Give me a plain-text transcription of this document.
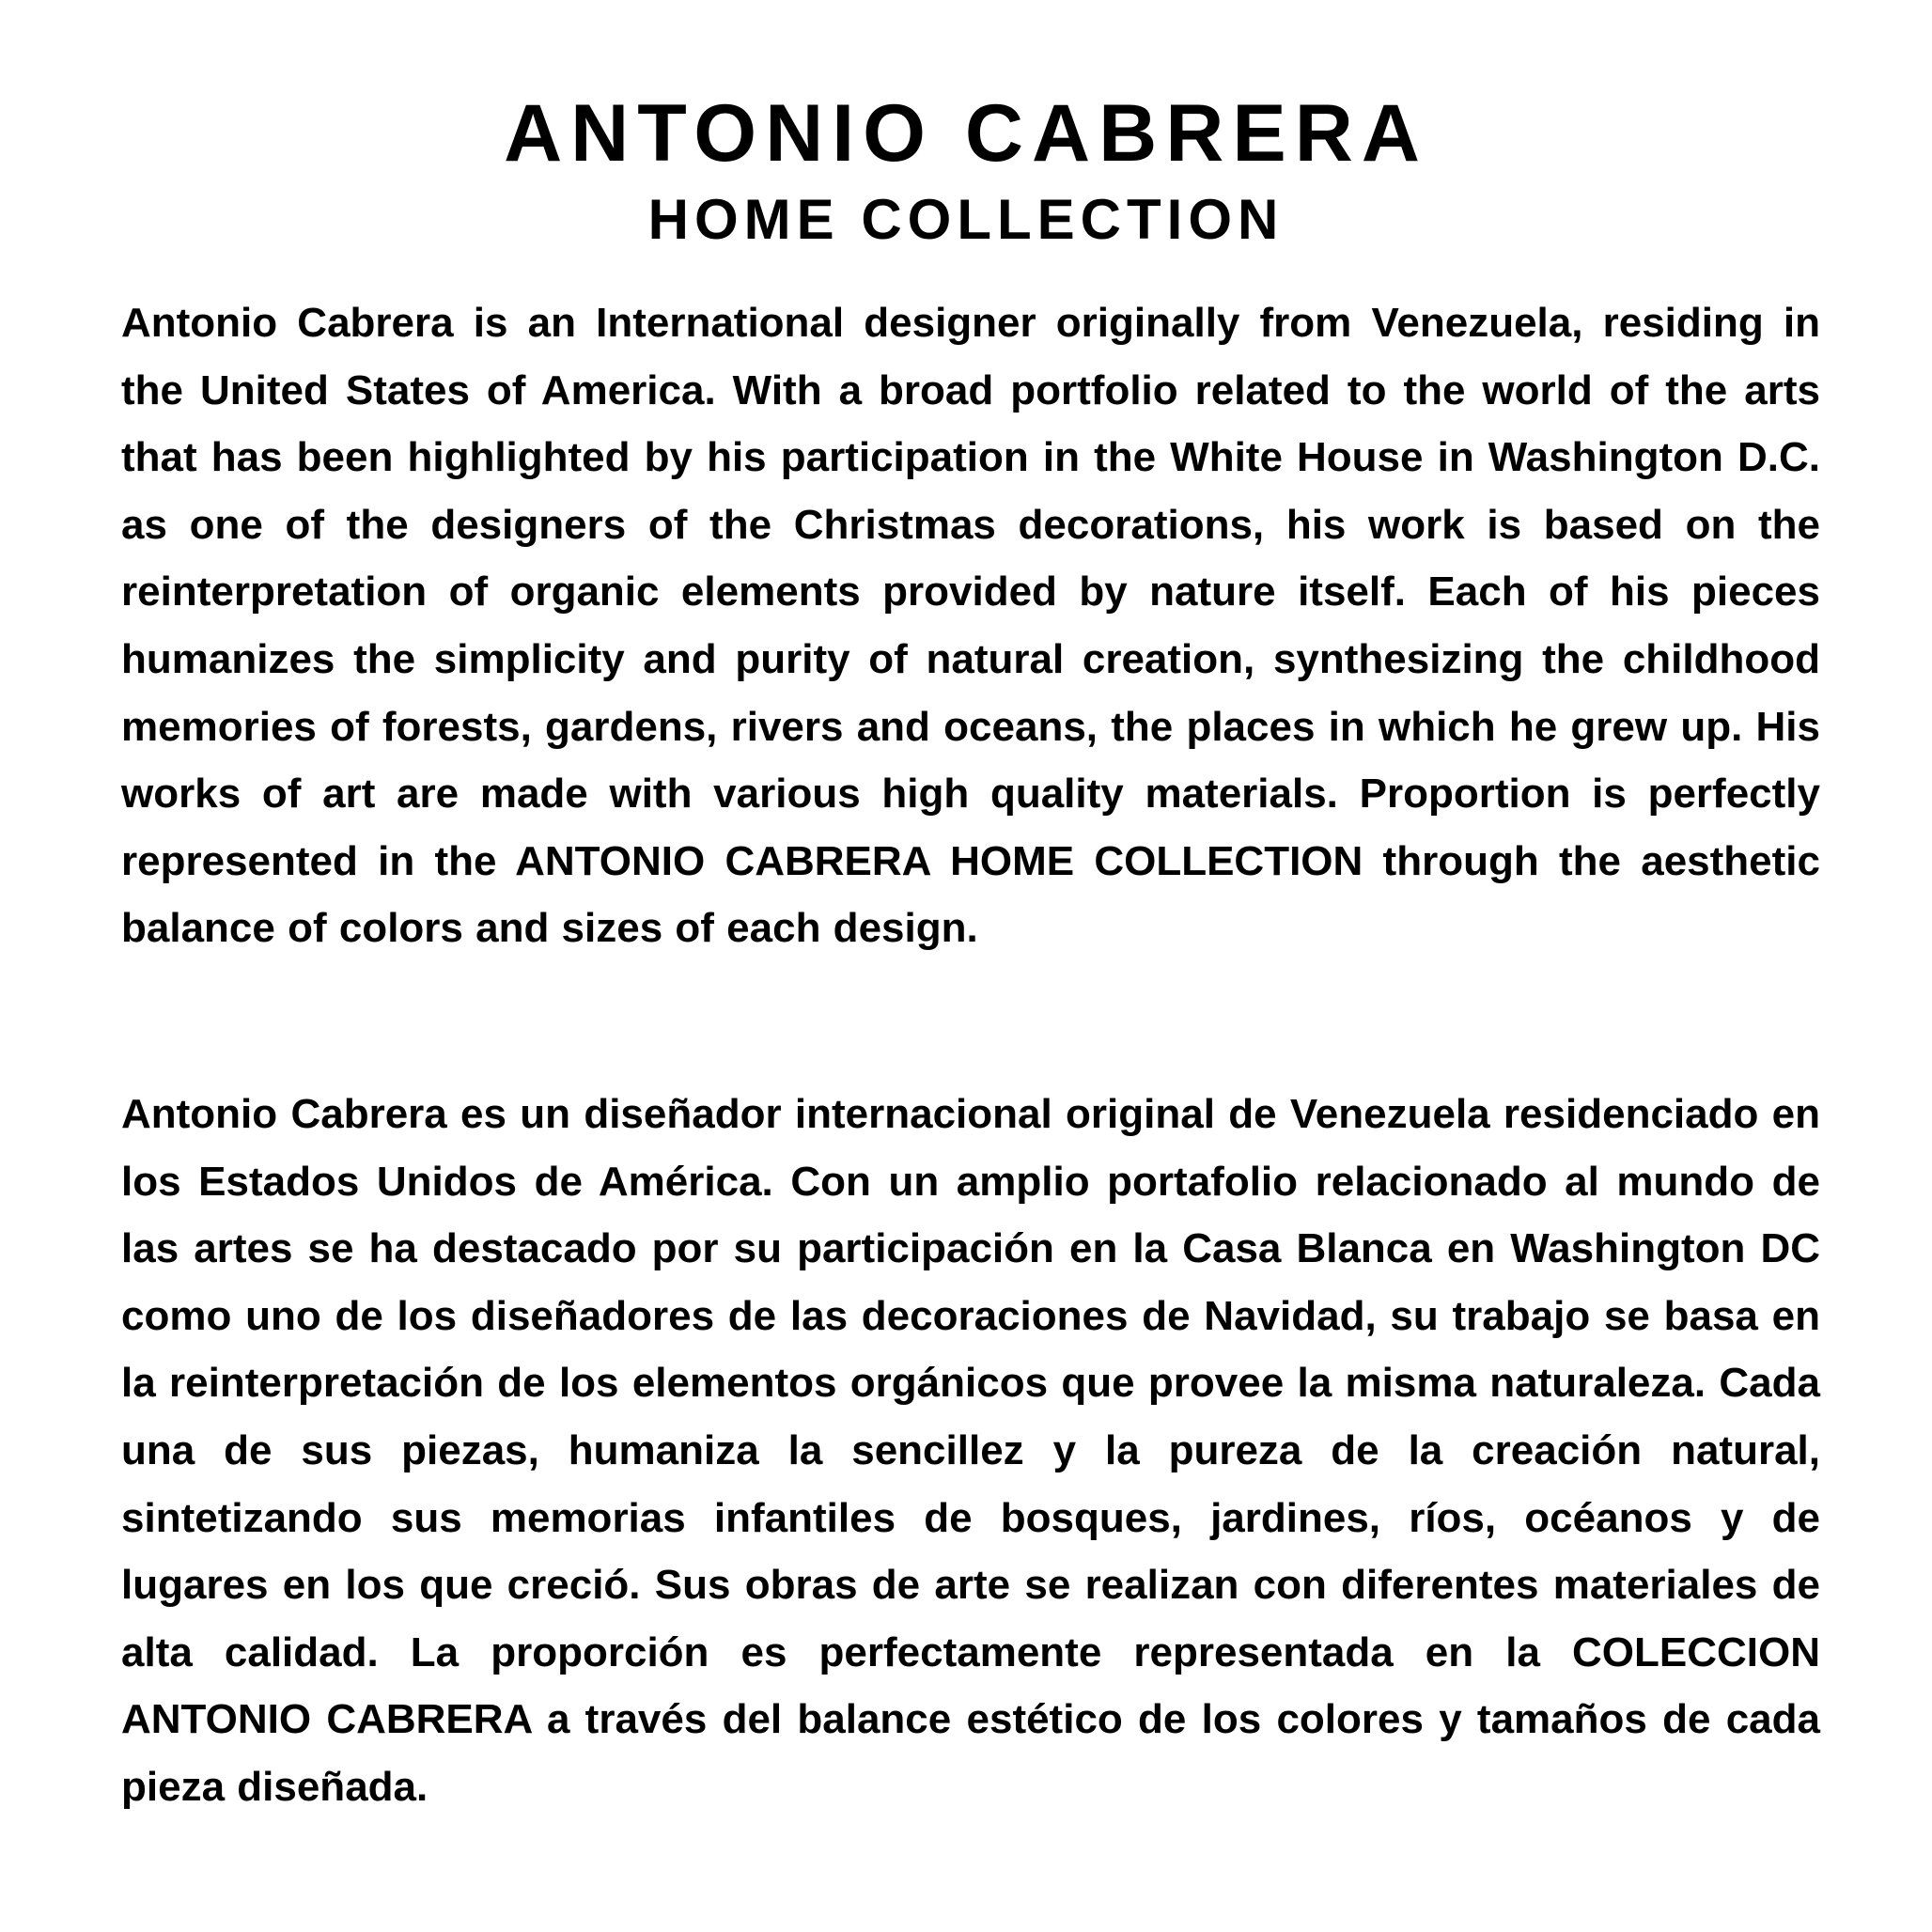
ANTONIO CABRERA
HOME COLLECTION

Antonio Cabrera is an International designer originally from Venezuela, residing in the United States of America. With a broad portfolio related to the world of the arts that has been highlighted by his participation in the White House in Washington D.C. as one of the designers of the Christmas decorations, his work is based on the reinterpretation of organic elements provided by nature itself. Each of his pieces humanizes the simplicity and purity of natural creation, synthesizing the childhood memories of forests, gardens, rivers and oceans, the places in which he grew up. His works of art are made with various high quality materials. Proportion is perfectly represented in the ANTONIO CABRERA HOME COLLECTION through the aesthetic balance of colors and sizes of each design.

Antonio Cabrera es un diseñador internacional original de Venezuela residenciado en los Estados Unidos de América. Con un amplio portafolio relacionado al mundo de las artes se ha destacado por su participación en la Casa Blanca en Washington DC como uno de los diseñadores de las decoraciones de Navidad, su trabajo se basa en la reinterpretación de los elementos orgánicos que provee la misma naturaleza. Cada una de sus piezas, humaniza la sencillez y la pureza de la creación natural, sintetizando sus memorias infantiles de bosques, jardines, ríos, océanos y de lugares en los que creció. Sus obras de arte se realizan con diferentes materiales de alta calidad. La proporción es perfectamente representada en la COLECCION ANTONIO CABRERA a través del balance estético de los colores y tamaños de cada pieza diseñada.
